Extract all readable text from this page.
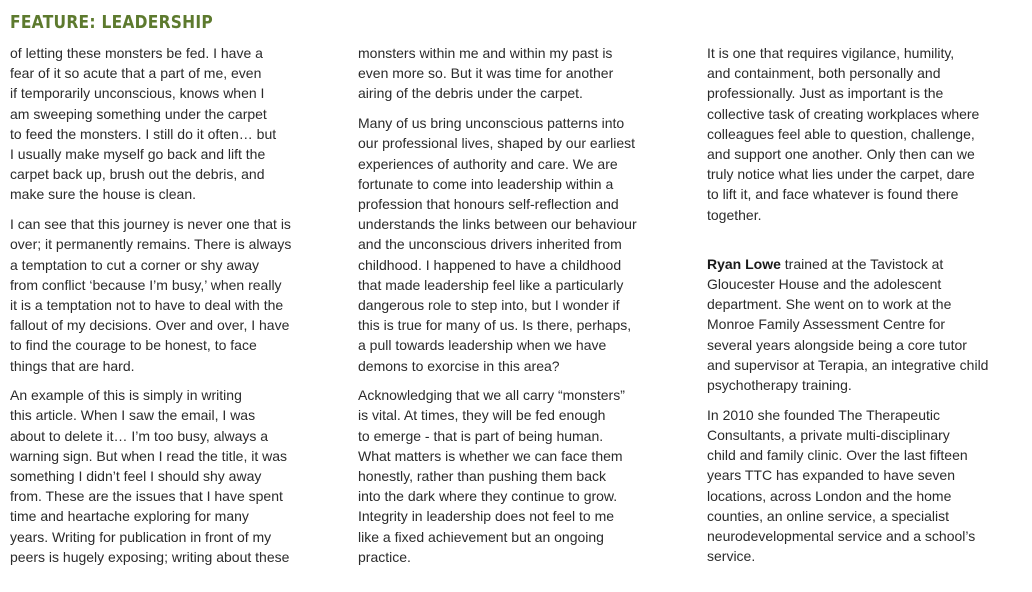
FEATURE: LEADERSHIP

of letting these monsters be fed. I have a
fear of it so acute that a part of me, even
if temporarily unconscious, knows when I
am sweeping something under the carpet
to feed the monsters. I still do it often… but
I usually make myself go back and lift the
carpet back up, brush out the debris, and
make sure the house is clean.

I can see that this journey is never one that is
over; it permanently remains. There is always
a temptation to cut a corner or shy away
from conflict ‘because I’m busy,’ when really
it is a temptation not to have to deal with the
fallout of my decisions. Over and over, I have
to find the courage to be honest, to face
things that are hard.

An example of this is simply in writing
this article. When I saw the email, I was
about to delete it… I’m too busy, always a
warning sign. But when I read the title, it was
something I didn’t feel I should shy away
from. These are the issues that I have spent
time and heartache exploring for many
years. Writing for publication in front of my
peers is hugely exposing; writing about these

monsters within me and within my past is
even more so. But it was time for another
airing of the debris under the carpet.

Many of us bring unconscious patterns into
our professional lives, shaped by our earliest
experiences of authority and care. We are
fortunate to come into leadership within a
profession that honours self-reflection and
understands the links between our behaviour
and the unconscious drivers inherited from
childhood. I happened to have a childhood
that made leadership feel like a particularly
dangerous role to step into, but I wonder if
this is true for many of us. Is there, perhaps,
a pull towards leadership when we have
demons to exorcise in this area?

Acknowledging that we all carry “monsters”
is vital. At times, they will be fed enough
to emerge - that is part of being human.
What matters is whether we can face them
honestly, rather than pushing them back
into the dark where they continue to grow.
Integrity in leadership does not feel to me
like a fixed achievement but an ongoing
practice.

It is one that requires vigilance, humility,
and containment, both personally and
professionally. Just as important is the
collective task of creating workplaces where
colleagues feel able to question, challenge,
and support one another. Only then can we
truly notice what lies under the carpet, dare
to lift it, and face whatever is found there
together.

Ryan Lowe trained at the Tavistock at
Gloucester House and the adolescent
department. She went on to work at the
Monroe Family Assessment Centre for
several years alongside being a core tutor
and supervisor at Terapia, an integrative child
psychotherapy training.

In 2010 she founded The Therapeutic
Consultants, a private multi-disciplinary
child and family clinic. Over the last fifteen
years TTC has expanded to have seven
locations, across London and the home
counties, an online service, a specialist
neurodevelopmental service and a school’s
service.
